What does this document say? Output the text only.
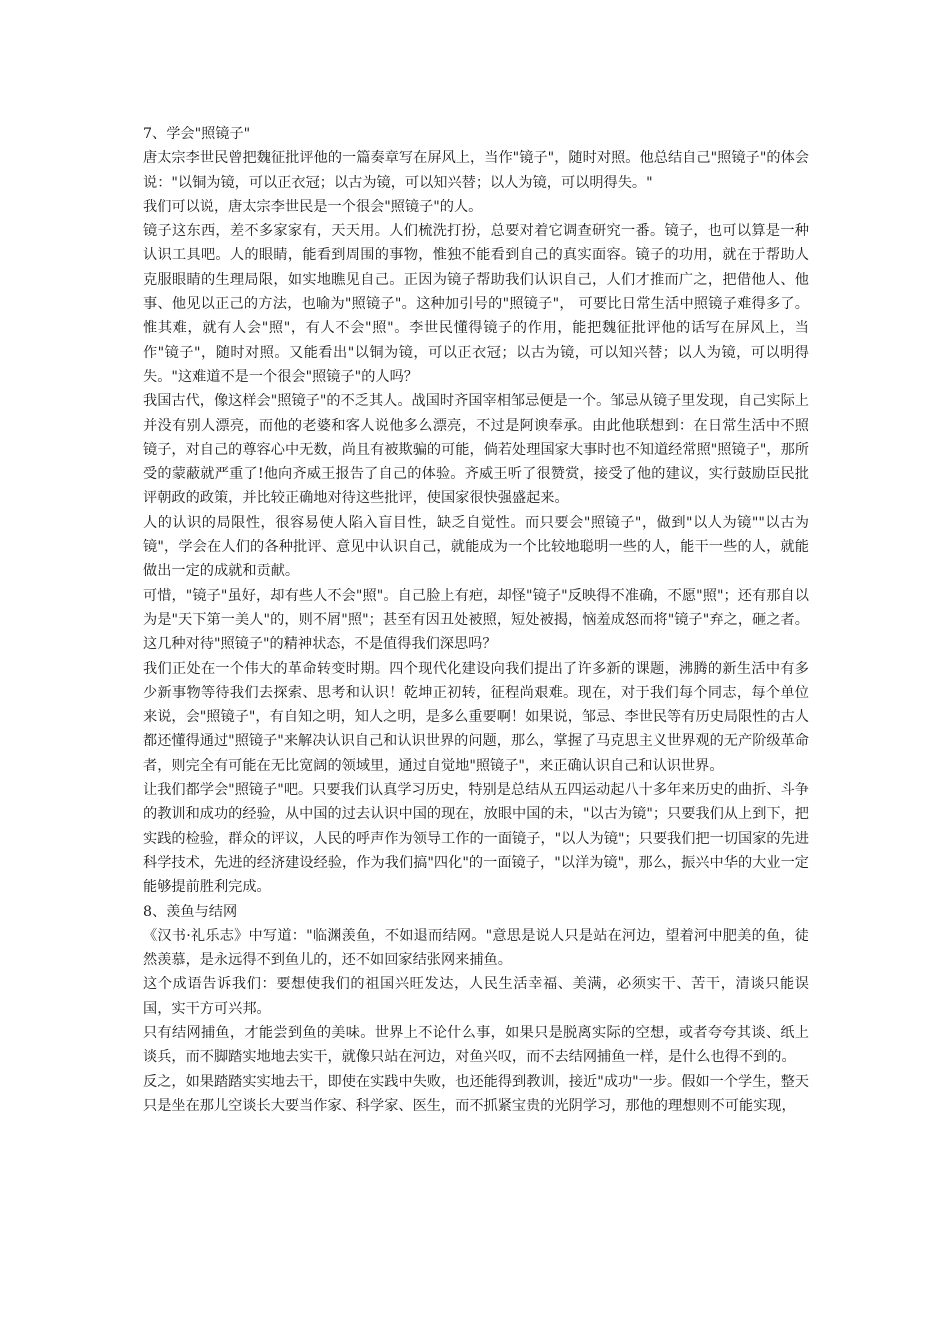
7、学会"照镜子"

唐太宗李世民曾把魏征批评他的一篇奏章写在屏风上，当作"镜子"，随时对照。他总结自己"照镜子"的体会说："以铜为镜，可以正衣冠；以古为镜，可以知兴替；以人为镜，可以明得失。"

我们可以说，唐太宗李世民是一个很会"照镜子"的人。

镜子这东西，差不多家家有，天天用。人们梳洗打扮，总要对着它调查研究一番。镜子，也可以算是一种认识工具吧。人的眼睛，能看到周围的事物，惟独不能看到自己的真实面容。镜子的功用，就在于帮助人克服眼睛的生理局限，如实地瞧见自己。正因为镜子帮助我们认识自己，人们才推而广之，把借他人、他事、他见以正己的方法，也喻为"照镜子"。这种加引号的"照镜子"， 可要比日常生活中照镜子难得多了。惟其难，就有人会"照"，有人不会"照"。李世民懂得镜子的作用，能把魏征批评他的话写在屏风上，当作"镜子"，随时对照。又能看出"以铜为镜，可以正衣冠；以古为镜，可以知兴替；以人为镜，可以明得失。"这难道不是一个很会"照镜子"的人吗？

我国古代，像这样会"照镜子"的不乏其人。战国时齐国宰相邹忌便是一个。邹忌从镜子里发现，自己实际上并没有别人漂亮，而他的老婆和客人说他多么漂亮，不过是阿谀奉承。由此他联想到：在日常生活中不照镜子，对自己的尊容心中无数，尚且有被欺骗的可能，倘若处理国家大事时也不知道经常照"照镜子"，那所受的蒙蔽就严重了!他向齐威王报告了自己的体验。齐威王听了很赞赏，接受了他的建议，实行鼓励臣民批评朝政的政策，并比较正确地对待这些批评，使国家很快强盛起来。

人的认识的局限性，很容易使人陷入盲目性，缺乏自觉性。而只要会"照镜子"，做到"以人为镜""以古为镜"，学会在人们的各种批评、意见中认识自己，就能成为一个比较地聪明一些的人，能干一些的人，就能做出一定的成就和贡献。

可惜，"镜子"虽好，却有些人不会"照"。自己脸上有疤，却怪"镜子"反映得不准确，不愿"照"；还有那自以为是"天下第一美人"的，则不屑"照"；甚至有因丑处被照，短处被揭，恼羞成怒而将"镜子"弃之，砸之者。这几种对待"照镜子"的精神状态，不是值得我们深思吗？

我们正处在一个伟大的革命转变时期。四个现代化建设向我们提出了许多新的课题，沸腾的新生活中有多少新事物等待我们去探索、思考和认识！乾坤正初转，征程尚艰难。现在，对于我们每个同志，每个单位来说，会"照镜子"，有自知之明，知人之明，是多么重要啊！如果说，邹忌、李世民等有历史局限性的古人都还懂得通过"照镜子"来解决认识自己和认识世界的问题，那么，掌握了马克思主义世界观的无产阶级革命者，则完全有可能在无比宽阔的领域里，通过自觉地"照镜子"，来正确认识自己和认识世界。

让我们都学会"照镜子"吧。只要我们认真学习历史，特别是总结从五四运动起八十多年来历史的曲折、斗争的教训和成功的经验，从中国的过去认识中国的现在，放眼中国的未，"以古为镜"；只要我们从上到下，把实践的检验，群众的评议，人民的呼声作为领导工作的一面镜子，"以人为镜"；只要我们把一切国家的先进科学技术，先进的经济建设经验，作为我们搞"四化"的一面镜子，"以洋为镜"，那么，振兴中华的大业一定能够提前胜利完成。

8、羡鱼与结网

《汉书·礼乐志》中写道："临渊羡鱼，不如退而结网。"意思是说人只是站在河边，望着河中肥美的鱼，徒然羡慕，是永远得不到鱼儿的，还不如回家结张网来捕鱼。

这个成语告诉我们：要想使我们的祖国兴旺发达，人民生活幸福、美满，必须实干、苦干，清谈只能误国，实干方可兴邦。

只有结网捕鱼，才能尝到鱼的美味。世界上不论什么事，如果只是脱离实际的空想，或者夸夸其谈、纸上谈兵，而不脚踏实地地去实干，就像只站在河边，对鱼兴叹，而不去结网捕鱼一样，是什么也得不到的。

反之，如果踏踏实实地去干，即使在实践中失败，也还能得到教训，接近"成功"一步。假如一个学生，整天只是坐在那儿空谈长大要当作家、科学家、医生，而不抓紧宝贵的光阴学习，那他的理想则不可能实现，
